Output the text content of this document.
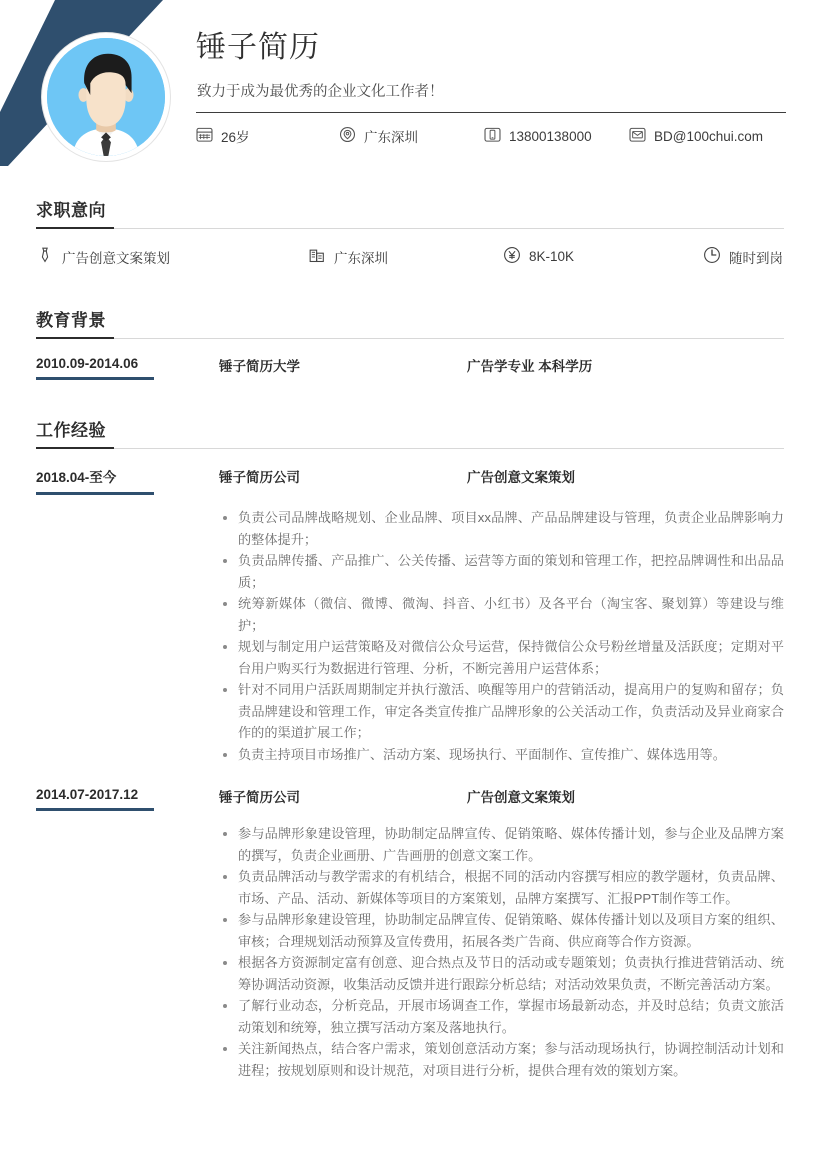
锤子简历
致力于成为最优秀的企业文化工作者！
26岁	广东深圳	13800138000	BD@100chui.com
求职意向
广告创意文案策划	广东深圳	8K-10K	随时到岗
教育背景
2010.09-2014.06	锤子简历大学	广告学专业 本科学历
工作经验
2018.04-至今	锤子简历公司	广告创意文案策划
负责公司品牌战略规划、企业品牌、项目xx品牌、产品品牌建设与管理，负责企业品牌影响力的整体提升；
负责品牌传播、产品推广、公关传播、运营等方面的策划和管理工作，把控品牌调性和出品品质；
统筹新媒体（微信、微博、微淘、抖音、小红书）及各平台（淘宝客、聚划算）等建设与维护；
规划与制定用户运营策略及对微信公众号运营，保持微信公众号粉丝增量及活跃度；定期对平台用户购买行为数据进行管理、分析，不断完善用户运营体系；
针对不同用户活跃周期制定并执行激活、唤醒等用户的营销活动，提高用户的复购和留存；负责品牌建设和管理工作，审定各类宣传推广品牌形象的公关活动工作，负责活动及异业商家合作的的渠道扩展工作；
负责主持项目市场推广、活动方案、现场执行、平面制作、宣传推广、媒体选用等。
2014.07-2017.12	锤子简历公司	广告创意文案策划
参与品牌形象建设管理，协助制定品牌宣传、促销策略、媒体传播计划，参与企业及品牌方案的撰写，负责企业画册、广告画册的创意文案工作。
负责品牌活动与教学需求的有机结合，根据不同的活动内容撰写相应的教学题材，负责品牌、市场、产品、活动、新媒体等项目的方案策划，品牌方案撰写、汇报PPT制作等工作。
参与品牌形象建设管理，协助制定品牌宣传、促销策略、媒体传播计划以及项目方案的组织、审核；合理规划活动预算及宣传费用，拓展各类广告商、供应商等合作方资源。
根据各方资源制定富有创意、迎合热点及节日的活动或专题策划；负责执行推进营销活动、统筹协调活动资源，收集活动反馈并进行跟踪分析总结；对活动效果负责，不断完善活动方案。
了解行业动态，分析竞品，开展市场调查工作，掌握市场最新动态，并及时总结；负责文旅活动策划和统筹，独立撰写活动方案及落地执行。
关注新闻热点，结合客户需求，策划创意活动方案；参与活动现场执行，协调控制活动计划和进程；按规划原则和设计规范，对项目进行分析，提供合理有效的策划方案。
